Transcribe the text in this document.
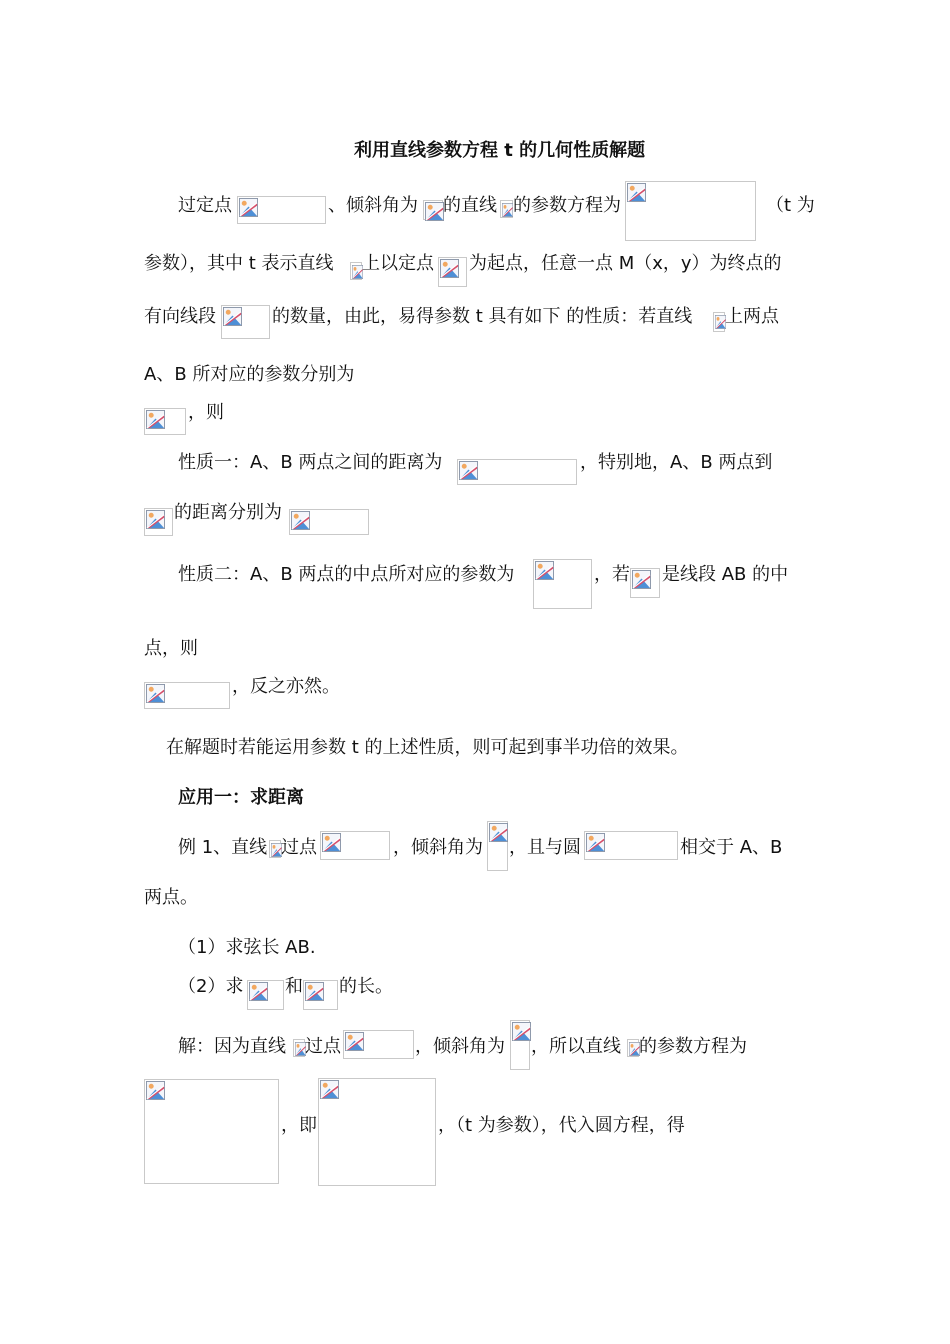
利用直线参数方程 t 的几何性质解题
过定点	、倾斜角为 的直线 的参数方程为	（t 为
参数），其中 t 表示直线 上以定点 为起点，任意一点 M（x，y）为终点的
有向线段	的数量，由此，易得参数 t 具有如下 的性质：若直线 上两点
A、B 所对应的参数分别为
，则
性质一：A、B 两点之间的距离为	，特别地，A、B 两点到
的距离分别为
性质二：A、B 两点的中点所对应的参数为	，若 是线段 AB 的中
点，则
，反之亦然。
在解题时若能运用参数 t 的上述性质，则可起到事半功倍的效果。
应用一：求距离
例 1、直线 过点	，倾斜角为 ，且与圆	相交于 A、B
两点。
（1）求弦长 AB.
（2）求 和 的长。
解：因为直线 过点	，倾斜角为 ，所以直线 的参数方程为
，即	，（t 为参数），代入圆方程，得
